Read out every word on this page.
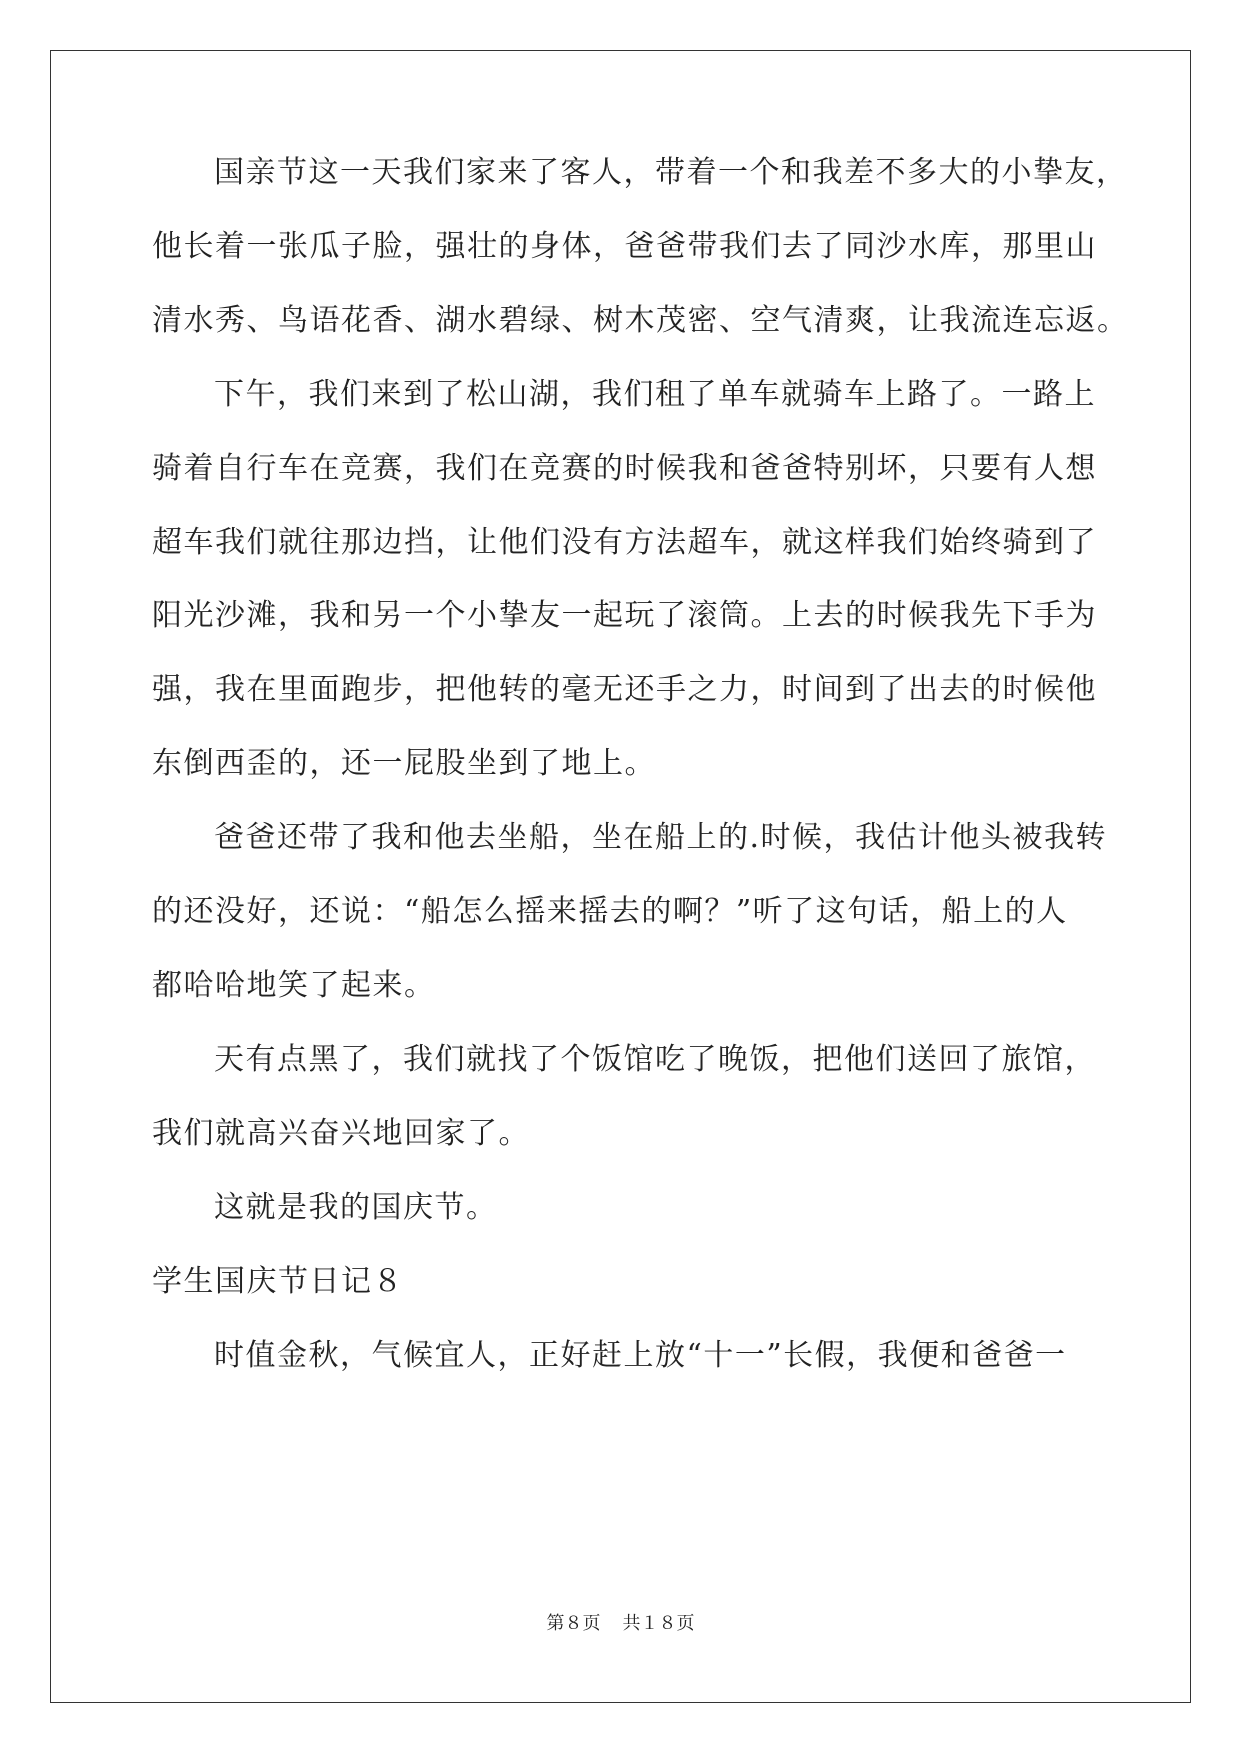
国亲节这一天我们家来了客人，带着一个和我差不多大的小挚友，
他长着一张瓜子脸，强壮的身体，爸爸带我们去了同沙水库，那里山
清水秀、鸟语花香、湖水碧绿、树木茂密、空气清爽，让我流连忘返。
下午，我们来到了松山湖，我们租了单车就骑车上路了。一路上
骑着自行车在竞赛，我们在竞赛的时候我和爸爸特别坏，只要有人想
超车我们就往那边挡，让他们没有方法超车，就这样我们始终骑到了
阳光沙滩，我和另一个小挚友一起玩了滚筒。上去的时候我先下手为
强，我在里面跑步，把他转的毫无还手之力，时间到了出去的时候他
东倒西歪的，还一屁股坐到了地上。
爸爸还带了我和他去坐船，坐在船上的.时候，我估计他头被我转
的还没好，还说：“船怎么摇来摇去的啊？”听了这句话，船上的人
都哈哈地笑了起来。
天有点黑了，我们就找了个饭馆吃了晚饭，把他们送回了旅馆，
我们就高兴奋兴地回家了。
这就是我的国庆节。
学生国庆节日记８
时值金秋，气候宜人，正好赶上放“十一”长假，我便和爸爸一
第８页 共１８页
